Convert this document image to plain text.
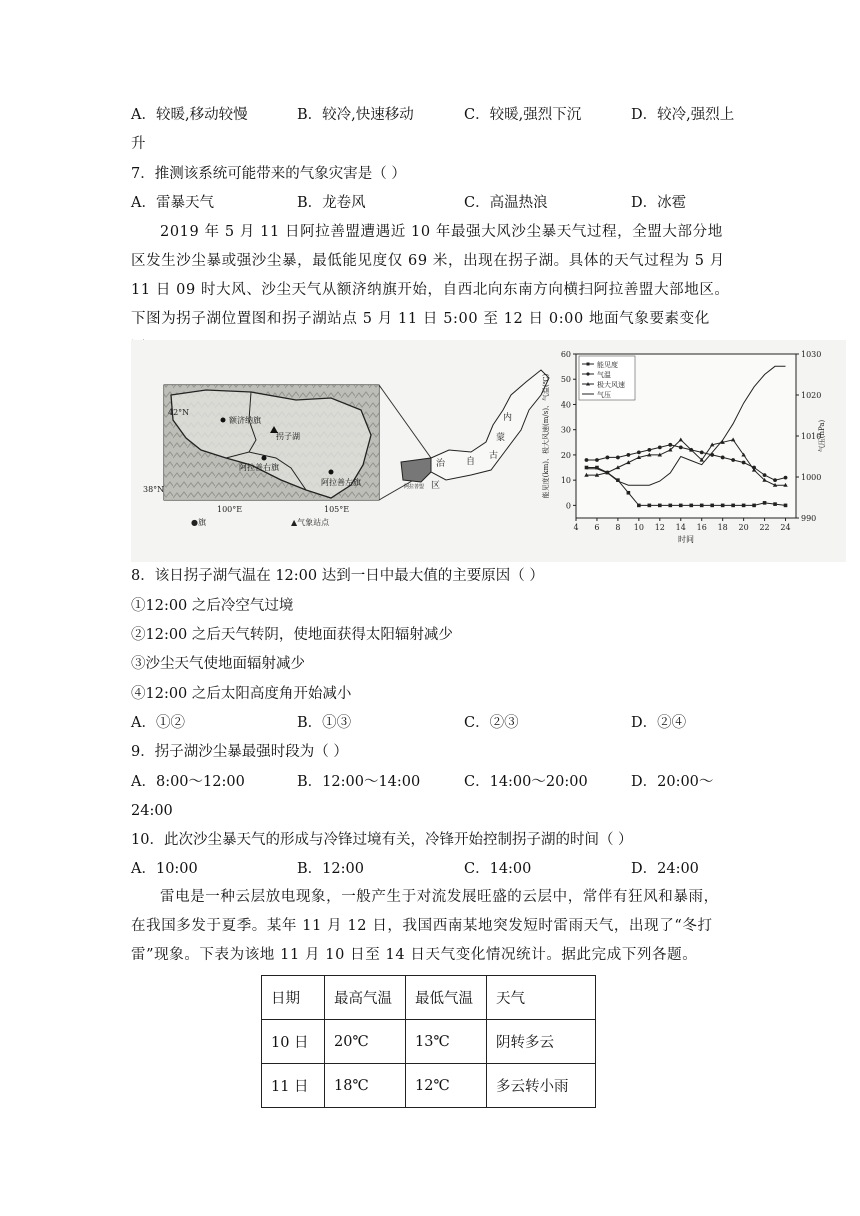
A．较暖,移动较慢	B．较冷,快速移动	C．较暖,强烈下沉	D．较冷,强烈上
升
7．推测该系统可能带来的气象灾害是（ ）
A．雷暴天气	B．龙卷风	C．高温热浪	D．冰雹
2019 年 5 月 11 日阿拉善盟遭遇近 10 年最强大风沙尘暴天气过程，全盟大部分地区发生沙尘暴或强沙尘暴，最低能见度仅 69 米，出现在拐子湖。具体的天气过程为 5 月 11 日 09 时大风、沙尘天气从额济纳旗开始，自西北向东南方向横扫阿拉善盟大部地区。下图为拐子湖位置图和拐子湖站点 5 月 11 日 5:00 至 12 日 0:00 地面气象要素变化
42°N
38°N
100°E	105°E
额济纳旗
拐子湖
阿拉善右旗
阿拉善左旗
●旗	▲气象站点
内
蒙
古
自
治
区
阿拉善盟
0
10
20
30
40
50
60
990
1000
1010
1020
1030
4 6 8 10 12 14 16 18 20 22 24
时间
能见度(km)、极大风速(m/s)、气温(℃)	气压(hPa)
能见度
气温
极大风速
气压
8．该日拐子湖气温在 12:00 达到一日中最大值的主要原因（ ）
①12:00 之后冷空气过境
②12:00 之后天气转阴，使地面获得太阳辐射减少
③沙尘天气使地面辐射减少
④12:00 之后太阳高度角开始减小
A．①②	B．①③	C．②③	D．②④
9．拐子湖沙尘暴最强时段为（ ）
A．8:00～12:00	B．12:00～14:00	C．14:00～20:00	D．20:00～
24:00
10．此次沙尘暴天气的形成与冷锋过境有关，冷锋开始控制拐子湖的时间（ ）
A．10:00	B．12:00	C．14:00	D．24:00
雷电是一种云层放电现象，一般产生于对流发展旺盛的云层中，常伴有狂风和暴雨，在我国多发于夏季。某年 11 月 12 日，我国西南某地突发短时雷雨天气，出现了“冬打雷”现象。下表为该地 11 月 10 日至 14 日天气变化情况统计。据此完成下列各题。
日期	最高气温	最低气温	天气
10 日	20℃	13℃	阴转多云
11 日	18℃	12℃	多云转小雨
